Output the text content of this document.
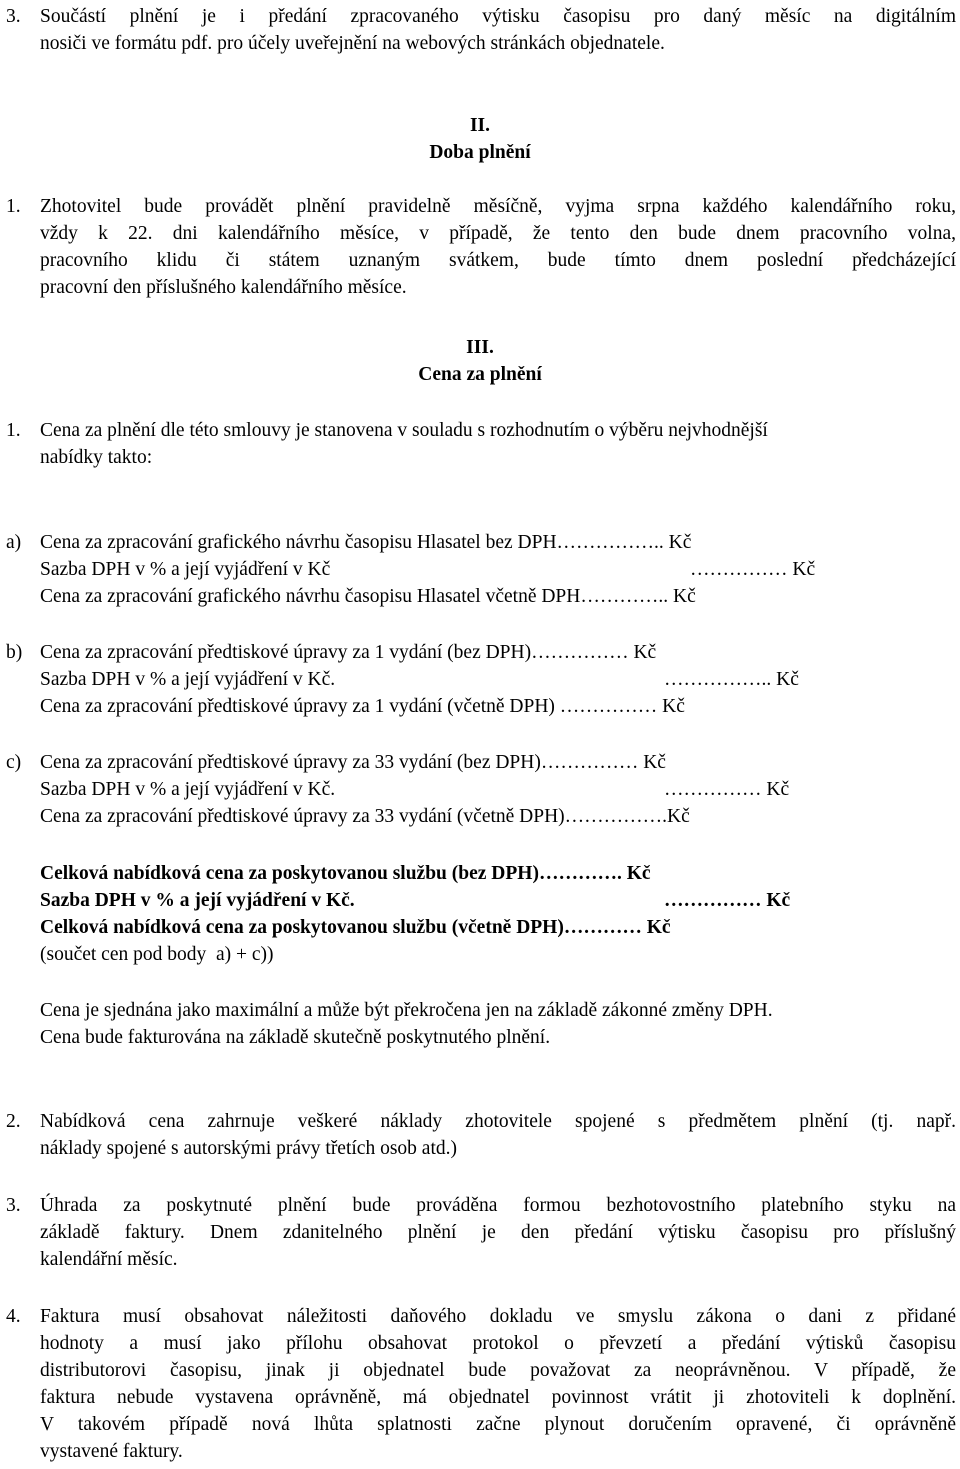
3. Součástí plnění je i předání zpracovaného výtisku časopisu pro daný měsíc na digitálním
nosiči ve formátu pdf. pro účely uveřejnění na webových stránkách objednatele.
II.
Doba plnění
1. Zhotovitel bude provádět plnění pravidelně měsíčně, vyjma srpna každého kalendářního roku,
vždy k 22. dni kalendářního měsíce, v případě, že tento den bude dnem pracovního volna,
pracovního klidu či státem uznaným svátkem, bude tímto dnem poslední předcházející
pracovní den příslušného kalendářního měsíce.
III.
Cena za plnění
1. Cena za plnění dle této smlouvy je stanovena v souladu s rozhodnutím o výběru nejvhodnější
nabídky takto:
a) Cena za zpracování grafického návrhu časopisu Hlasatel bez DPH…………….. Kč
Sazba DPH v % a její vyjádření v Kč	…………… Kč
Cena za zpracování grafického návrhu časopisu Hlasatel včetně DPH………….. Kč
b) Cena za zpracování předtiskové úpravy za 1 vydání (bez DPH)…………… Kč
Sazba DPH v % a její vyjádření v Kč.	…………….. Kč
Cena za zpracování předtiskové úpravy za 1 vydání (včetně DPH) …………… Kč
c) Cena za zpracování předtiskové úpravy za 33 vydání (bez DPH)…………… Kč
Sazba DPH v % a její vyjádření v Kč.	…………… Kč
Cena za zpracování předtiskové úpravy za 33 vydání (včetně DPH)…………….Kč
Celková nabídková cena za poskytovanou službu (bez DPH)…………. Kč
Sazba DPH v % a její vyjádření v Kč.	…………… Kč
Celková nabídková cena za poskytovanou službu (včetně DPH)………… Kč
(součet cen pod body  a) + c))
Cena je sjednána jako maximální a může být překročena jen na základě zákonné změny DPH.
Cena bude fakturována na základě skutečně poskytnutého plnění.
2. Nabídková cena zahrnuje veškeré náklady zhotovitele spojené s předmětem plnění (tj. např.
náklady spojené s autorskými právy třetích osob atd.)
3. Úhrada za poskytnuté plnění bude prováděna formou bezhotovostního platebního styku na
základě faktury. Dnem zdanitelného plnění je den předání výtisku časopisu pro příslušný
kalendářní měsíc.
4. Faktura musí obsahovat náležitosti daňového dokladu ve smyslu zákona o dani z přidané
hodnoty a musí jako přílohu obsahovat protokol o převzetí a předání výtisků časopisu
distributorovi časopisu, jinak ji objednatel bude považovat za neoprávněnou. V případě, že
faktura nebude vystavena oprávněně, má objednatel povinnost vrátit ji zhotoviteli k doplnění.
V takovém případě nová lhůta splatnosti začne plynout doručením opravené, či oprávněně
vystavené faktury.
